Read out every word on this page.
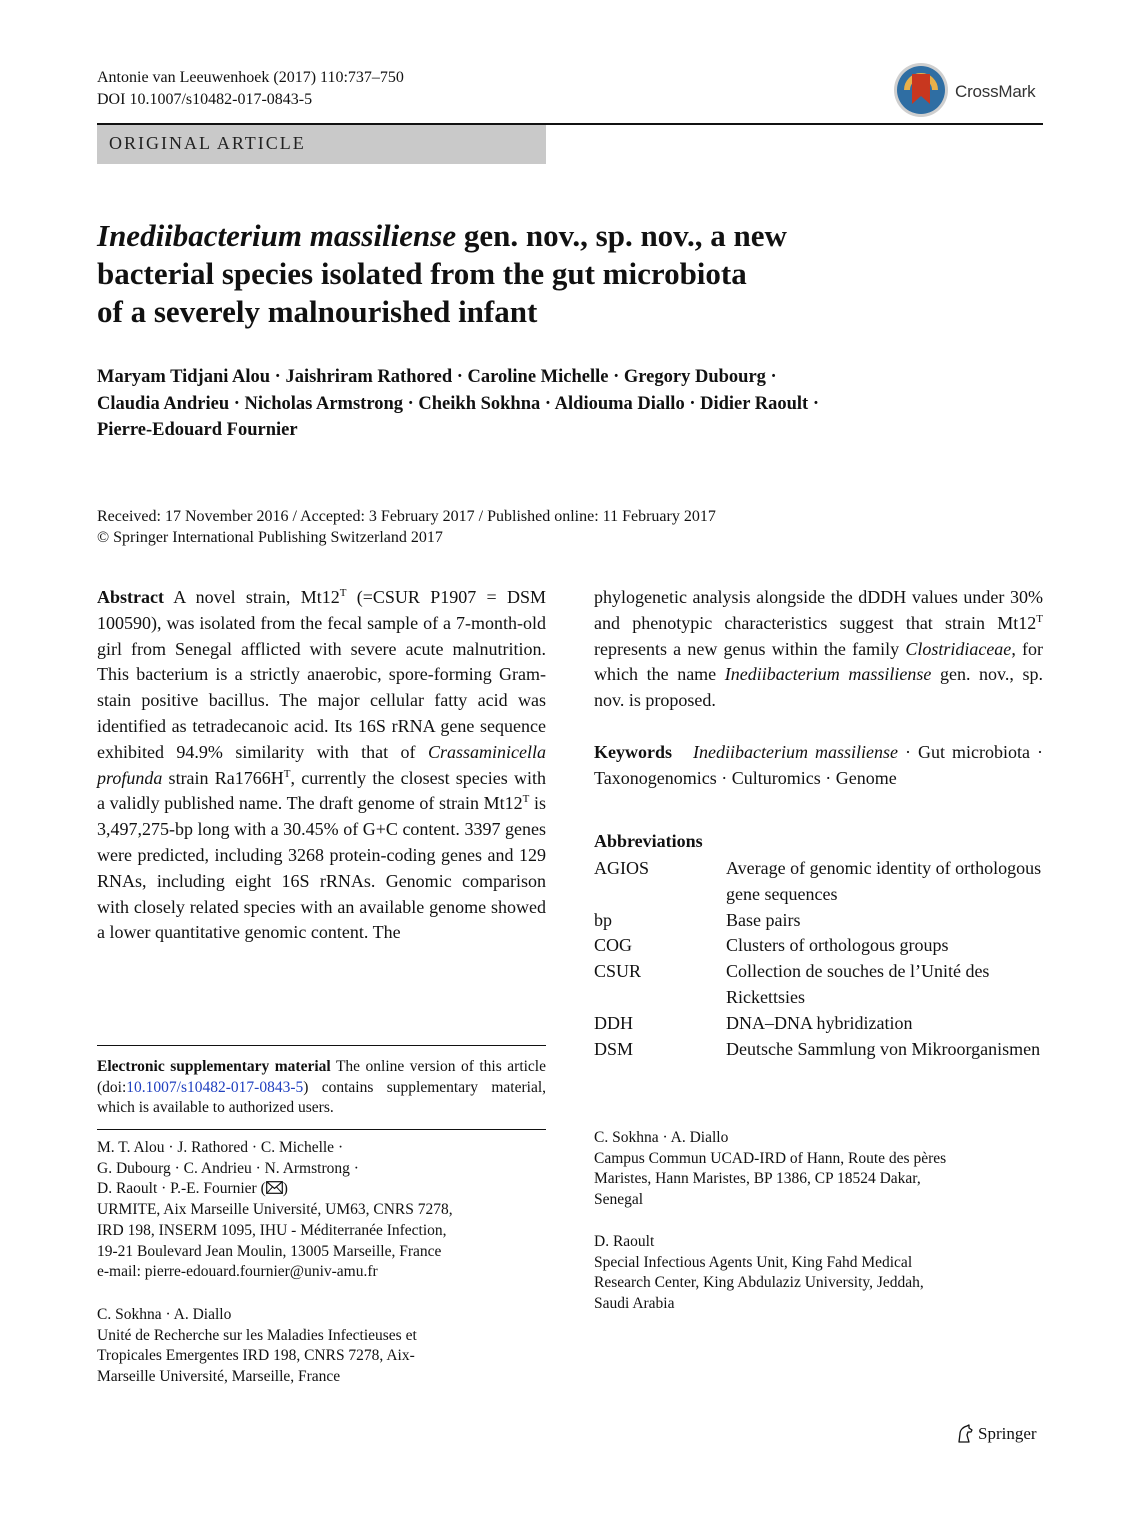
Antonie van Leeuwenhoek (2017) 110:737–750
DOI 10.1007/s10482-017-0843-5	CrossMark
ORIGINAL ARTICLE
Inediibacterium massiliense gen. nov., sp. nov., a new
bacterial species isolated from the gut microbiota
of a severely malnourished infant
Maryam Tidjani Alou · Jaishriram Rathored · Caroline Michelle · Gregory Dubourg ·
Claudia Andrieu · Nicholas Armstrong · Cheikh Sokhna · Aldiouma Diallo · Didier Raoult ·
Pierre-Edouard Fournier
Received: 17 November 2016 / Accepted: 3 February 2017 / Published online: 11 February 2017
© Springer International Publishing Switzerland 2017
Abstract A novel strain, $Mt12^T$ (=CSUR P1907 = DSM 100590), was isolated from the fecal sample of a 7-month-old girl from Senegal afflicted with severe acute malnutrition. This bacterium is a strictly anaerobic, spore-forming Gram-stain positive bacillus. The major cellular fatty acid was identified as tetradecanoic acid. Its 16S rRNA gene sequence exhibited 94.9% similarity with that of Crassaminicella profunda strain $Ra1766H^T$, currently the closest species with a validly published name. The draft genome of strain $Mt12^T$ is 3,497,275-bp long with a 30.45% of G+C content. 3397 genes were predicted, including 3268 protein-coding genes and 129 RNAs, including eight 16S rRNAs. Genomic comparison with closely related species with an available genome showed a lower quantitative genomic content. The
phylogenetic analysis alongside the dDDH values under 30% and phenotypic characteristics suggest that strain $Mt12^T$ represents a new genus within the family Clostridiaceae, for which the name Inediibacterium massiliense gen. nov., sp. nov. is proposed.
Keywords Inediibacterium massiliense · Gut microbiota · Taxonogenomics · Culturomics · Genome
Abbreviations
AGIOS	Average of genomic identity of orthologous gene sequences
bp	Base pairs
COG	Clusters of orthologous groups
CSUR	Collection de souches de l’Unité des Rickettsies
DDH	DNA–DNA hybridization
DSM	Deutsche Sammlung von Mikroorganismen
Electronic supplementary material The online version of this article (doi:10.1007/s10482-017-0843-5) contains supplementary material, which is available to authorized users.
M. T. Alou · J. Rathored · C. Michelle ·
G. Dubourg · C. Andrieu · N. Armstrong ·
D. Raoult · P.-E. Fournier ( )
URMITE, Aix Marseille Université, UM63, CNRS 7278,
IRD 198, INSERM 1095, IHU - Méditerranée Infection,
19-21 Boulevard Jean Moulin, 13005 Marseille, France
e-mail: pierre-edouard.fournier@univ-amu.fr
C. Sokhna · A. Diallo
Unité de Recherche sur les Maladies Infectieuses et
Tropicales Emergentes IRD 198, CNRS 7278, Aix-
Marseille Université, Marseille, France
C. Sokhna · A. Diallo
Campus Commun UCAD-IRD of Hann, Route des pères
Maristes, Hann Maristes, BP 1386, CP 18524 Dakar,
Senegal
D. Raoult
Special Infectious Agents Unit, King Fahd Medical
Research Center, King Abdulaziz University, Jeddah,
Saudi Arabia
Springer
